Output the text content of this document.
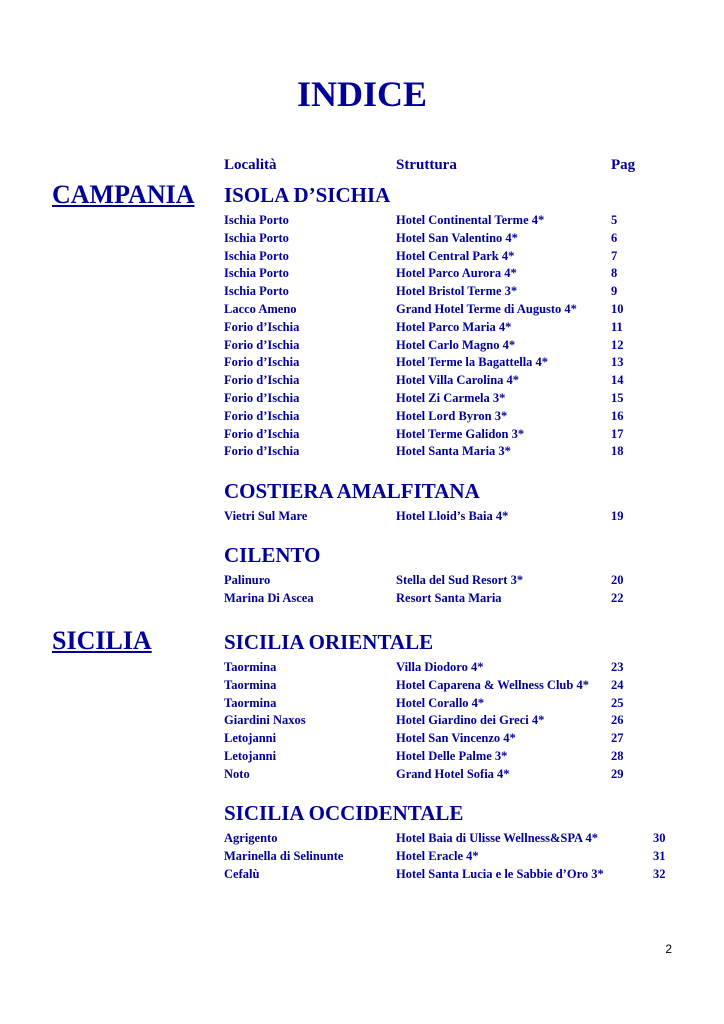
INDICE
Località	Struttura	Pag
CAMPANIA
SICILIA
ISOLA D’SICHIA
Ischia Porto	Hotel Continental Terme 4*	5
Ischia Porto	Hotel San Valentino 4*	6
Ischia Porto	Hotel Central Park 4*	7
Ischia Porto	Hotel Parco Aurora 4*	8
Ischia Porto	Hotel Bristol Terme 3*	9
Lacco Ameno	Grand Hotel Terme di Augusto 4*	10
Forio d’Ischia	Hotel Parco Maria 4*	11
Forio d’Ischia	Hotel Carlo Magno 4*	12
Forio d’Ischia	Hotel Terme la Bagattella 4*	13
Forio d’Ischia	Hotel Villa Carolina 4*	14
Forio d’Ischia	Hotel Zi Carmela 3*	15
Forio d’Ischia	Hotel Lord Byron 3*	16
Forio d’Ischia	Hotel Terme Galidon 3*	17
Forio d’Ischia	Hotel Santa Maria 3*	18
COSTIERA AMALFITANA
Vietri Sul Mare	Hotel Lloid’s Baia 4*	19
CILENTO
Palinuro	Stella del Sud Resort 3*	20
Marina Di Ascea	Resort Santa Maria	22
SICILIA ORIENTALE
Taormina	Villa Diodoro 4*	23
Taormina	Hotel Caparena & Wellness Club 4* 24
Taormina	Hotel Corallo 4*	25
Giardini Naxos	Hotel Giardino dei Greci 4*	26
Letojanni	Hotel San Vincenzo 4*	27
Letojanni	Hotel Delle Palme 3*	28
Noto	Grand Hotel Sofia 4*	29
SICILIA OCCIDENTALE
Agrigento	Hotel Baia di Ulisse Wellness&SPA 4*	30
Marinella di Selinunte	Hotel Eracle 4*	31
Cefalù	Hotel Santa Lucia e le Sabbie d’Oro 3*	32
2
